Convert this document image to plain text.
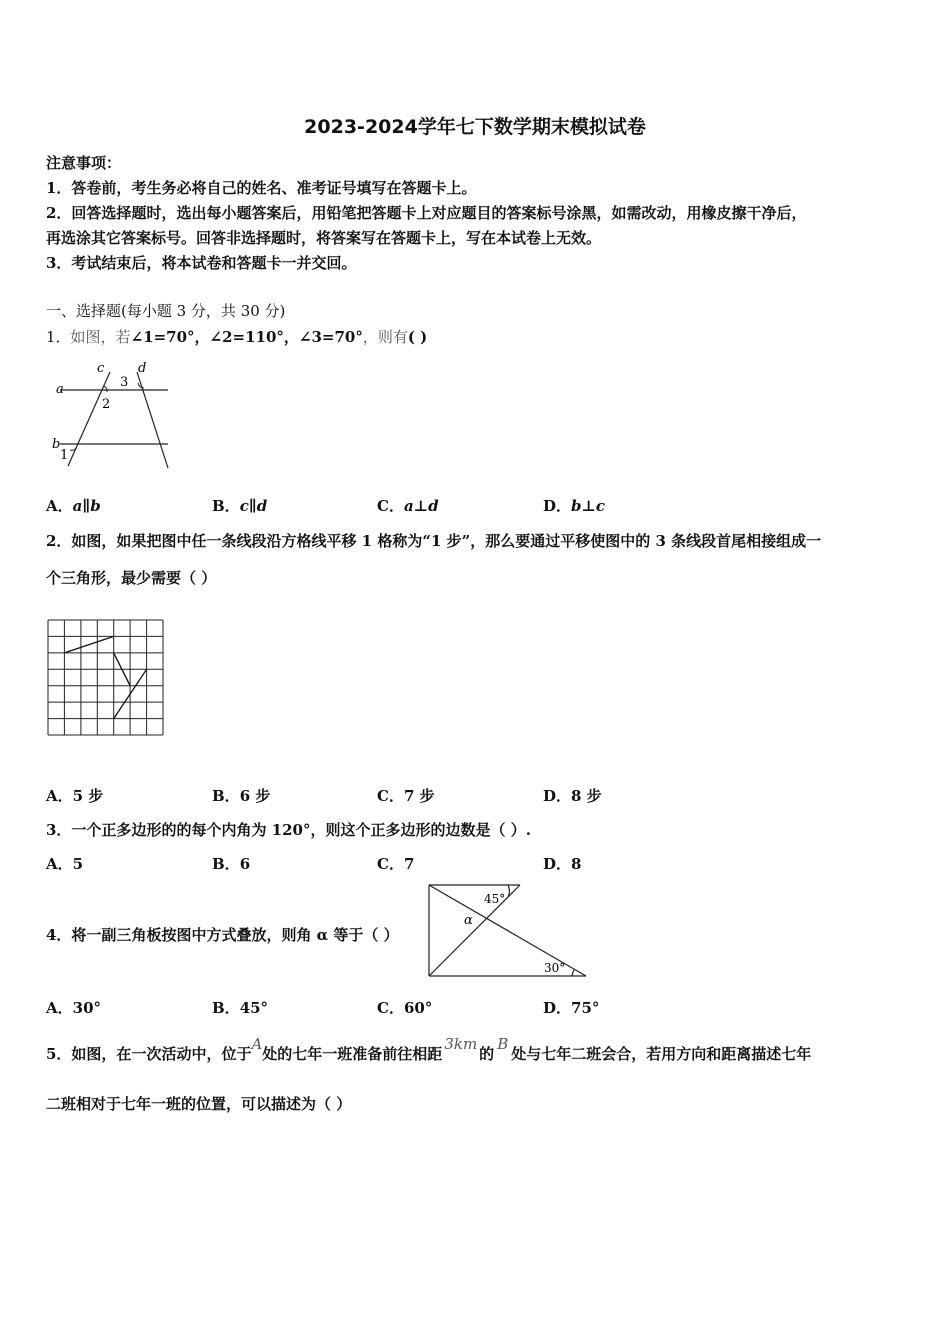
2023-2024学年七下数学期末模拟试卷
注意事项：
1．答卷前，考生务必将自己的姓名、准考证号填写在答题卡上。
2．回答选择题时，选出每小题答案后，用铅笔把答题卡上对应题目的答案标号涂黑，如需改动，用橡皮擦干净后，
再选涂其它答案标号。回答非选择题时，将答案写在答题卡上，写在本试卷上无效。
3．考试结束后，将本试卷和答题卡一并交回。
一、选择题(每小题 3 分，共 30 分)
1．如图，若∠1=70°，∠2=110°，∠3=70°，则有( )
a
b
c	d
2
3
1
A．a∥b	B．c∥d	C．a⊥d	D．b⊥c
2．如图，如果把图中任一条线段沿方格线平移 1 格称为“1 步”，那么要通过平移使图中的 3 条线段首尾相接组成一
个三角形，最少需要（ ）
A．5 步	B．6 步	C．7 步	D．8 步
3．一个正多边形的的每个内角为 120°，则这个正多边形的边数是（ ）.
A．5	B．6	C．7	D．8
4．将一副三角板按图中方式叠放，则角 α 等于（ ）
45°
α
30°
A．30°	B．45°	C．60°	D．75°
5．如图，在一次活动中，位于A处的七年一班准备前往相距3km的B处与七年二班会合，若用方向和距离描述七年
二班相对于七年一班的位置，可以描述为（ ）
